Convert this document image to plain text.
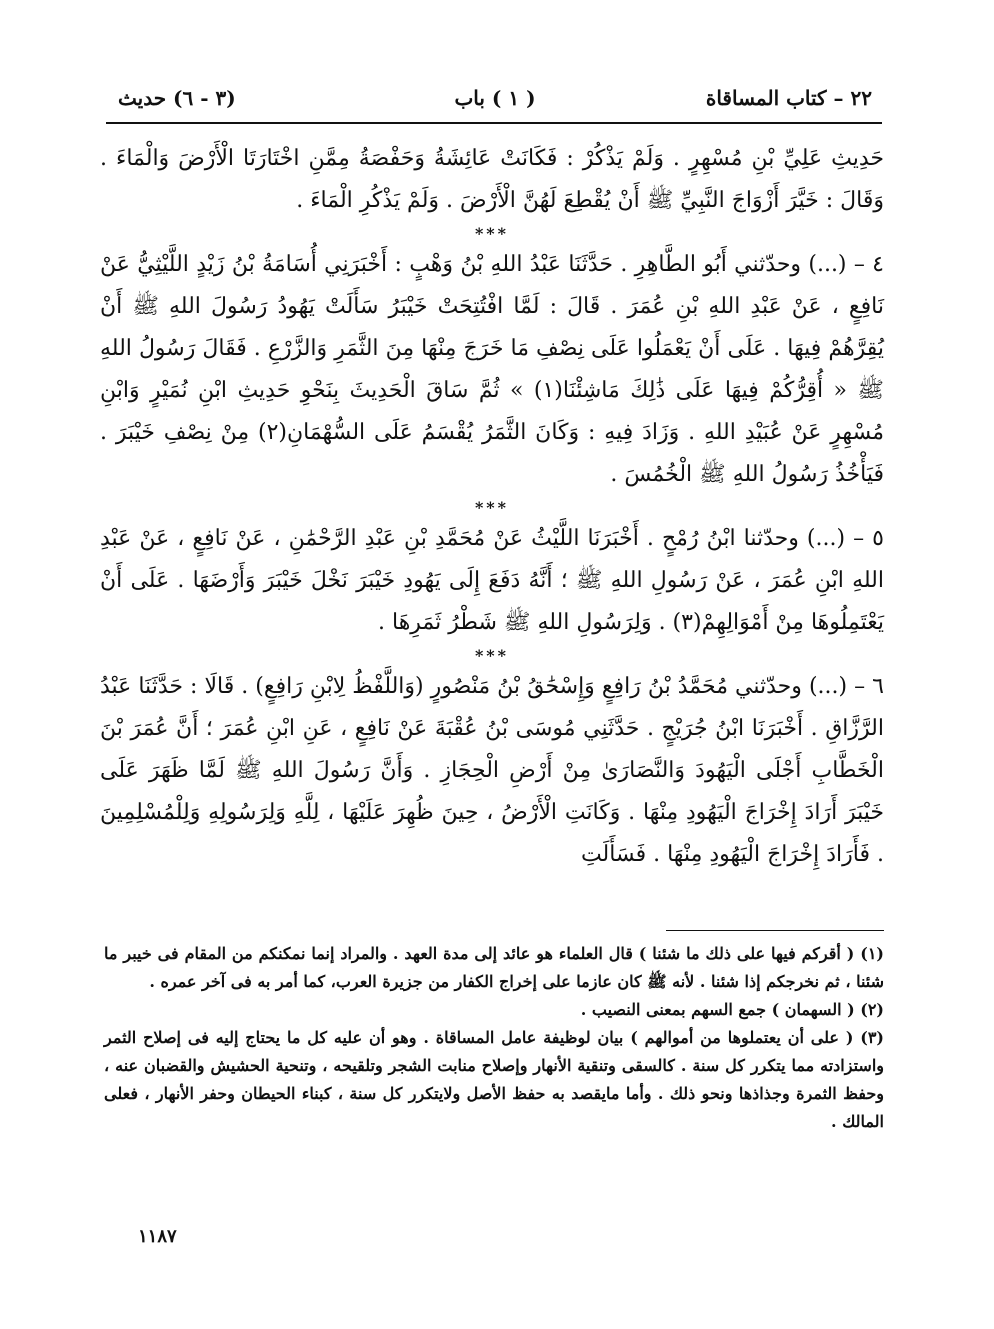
٢٢ – كتاب المساقاة
( ١ ) باب
(٣ - ٦) حديث

حَدِيثِ عَلِيِّ بْنِ مُسْهِرٍ . وَلَمْ يَذْكُرْ : فَكَانَتْ عَائِشَةُ وَحَفْصَةُ مِمَّنِ اخْتَارَتَا الْأَرْضَ وَالْمَاءَ . وَقَالَ : خَيَّرَ أَزْوَاجَ النَّبِيِّ ﷺ أَنْ يُقْطِعَ لَهُنَّ الْأَرْضَ . وَلَمْ يَذْكُرِ الْمَاءَ .

***

٤ – (...) وحدّثني أَبُو الطَّاهِرِ . حَدَّثَنَا عَبْدُ اللهِ بْنُ وَهْبٍ : أَخْبَرَنِي أُسَامَةُ بْنُ زَيْدٍ اللَّيْثِيُّ عَنْ نَافِعٍ ، عَنْ عَبْدِ اللهِ بْنِ عُمَرَ . قَالَ : لَمَّا افْتُتِحَتْ خَيْبَرُ سَأَلَتْ يَهُودُ رَسُولَ اللهِ ﷺ أَنْ يُقِرَّهُمْ فِيهَا . عَلَى أَنْ يَعْمَلُوا عَلَى نِصْفِ مَا خَرَجَ مِنْهَا مِنَ الثَّمَرِ وَالزَّرْعِ . فَقَالَ رَسُولُ اللهِ ﷺ « أُقِرُّكُمْ فِيهَا عَلَى ذَٰلِكَ مَاشِئْنَا(١) » ثُمَّ سَاقَ الْحَدِيثَ بِنَحْوِ حَدِيثِ ابْنِ نُمَيْرٍ وَابْنِ مُسْهِرٍ عَنْ عُبَيْدِ اللهِ . وَزَادَ فِيهِ : وَكَانَ الثَّمَرُ يُقْسَمُ عَلَى السُّهْمَانِ(٢) مِنْ نِصْفِ خَيْبَرَ . فَيَأْخُذُ رَسُولُ اللهِ ﷺ الْخُمُسَ .

***

٥ – (...) وحدّثنا ابْنُ رُمْحٍ . أَخْبَرَنَا اللَّيْثُ عَنْ مُحَمَّدِ بْنِ عَبْدِ الرَّحْمَٰنِ ، عَنْ نَافِعٍ ، عَنْ عَبْدِ اللهِ ابْنِ عُمَرَ ، عَنْ رَسُولِ اللهِ ﷺ ؛ أَنَّهُ دَفَعَ إِلَى يَهُودِ خَيْبَرَ نَخْلَ خَيْبَرَ وَأَرْضَهَا . عَلَى أَنْ يَعْتَمِلُوهَا مِنْ أَمْوَالِهِمْ(٣) . وَلِرَسُولِ اللهِ ﷺ شَطْرُ ثَمَرِهَا .

***

٦ – (...) وحدّثني مُحَمَّدُ بْنُ رَافِعٍ وَإِسْحَٰقُ بْنُ مَنْصُورٍ (وَاللَّفْظُ لِابْنِ رَافِعٍ) . قَالَا : حَدَّثَنَا عَبْدُ الرَّزَّاقِ . أَخْبَرَنَا ابْنُ جُرَيْجٍ . حَدَّثَنِي مُوسَى بْنُ عُقْبَةَ عَنْ نَافِعٍ ، عَنِ ابْنِ عُمَرَ ؛ أَنَّ عُمَرَ بْنَ الْخَطَّابِ أَجْلَى الْيَهُودَ وَالنَّصَارَىٰ مِنْ أَرْضِ الْحِجَازِ . وَأَنَّ رَسُولَ اللهِ ﷺ لَمَّا ظَهَرَ عَلَى خَيْبَرَ أَرَادَ إِخْرَاجَ الْيَهُودِ مِنْهَا . وَكَانَتِ الْأَرْضُ ، حِينَ ظُهِرَ عَلَيْهَا ، لِلَّهِ وَلِرَسُولِهِ وَلِلْمُسْلِمِينَ . فَأَرَادَ إِخْرَاجَ الْيَهُودِ مِنْهَا . فَسَأَلَتِ

(١) ( أقركم فيها على ذلك ما شئنا ) قال العلماء هو عائد إلى مدة العهد . والمراد إنما نمكنكم من المقام فى خيبر ما شئنا ، ثم نخرجكم إذا شئنا . لأنه ﷺ كان عازما على إخراج الكفار من جزيرة العرب، كما أمر به فى آخر عمره .

(٢) ( السهمان ) جمع السهم بمعنى النصيب .

(٣) ( على أن يعتملوها من أموالهم ) بيان لوظيفة عامل المساقاة . وهو أن عليه كل ما يحتاج إليه فى إصلاح الثمر واستزادته مما يتكرر كل سنة . كالسقى وتنقية الأنهار وإصلاح منابت الشجر وتلقيحه ، وتنحية الحشيش والقضبان عنه ، وحفظ الثمرة وجذاذها ونحو ذلك . وأما مايقصد به حفظ الأصل ولايتكرر كل سنة ، كبناء الحيطان وحفر الأنهار ، فعلى المالك .

١١٨٧
